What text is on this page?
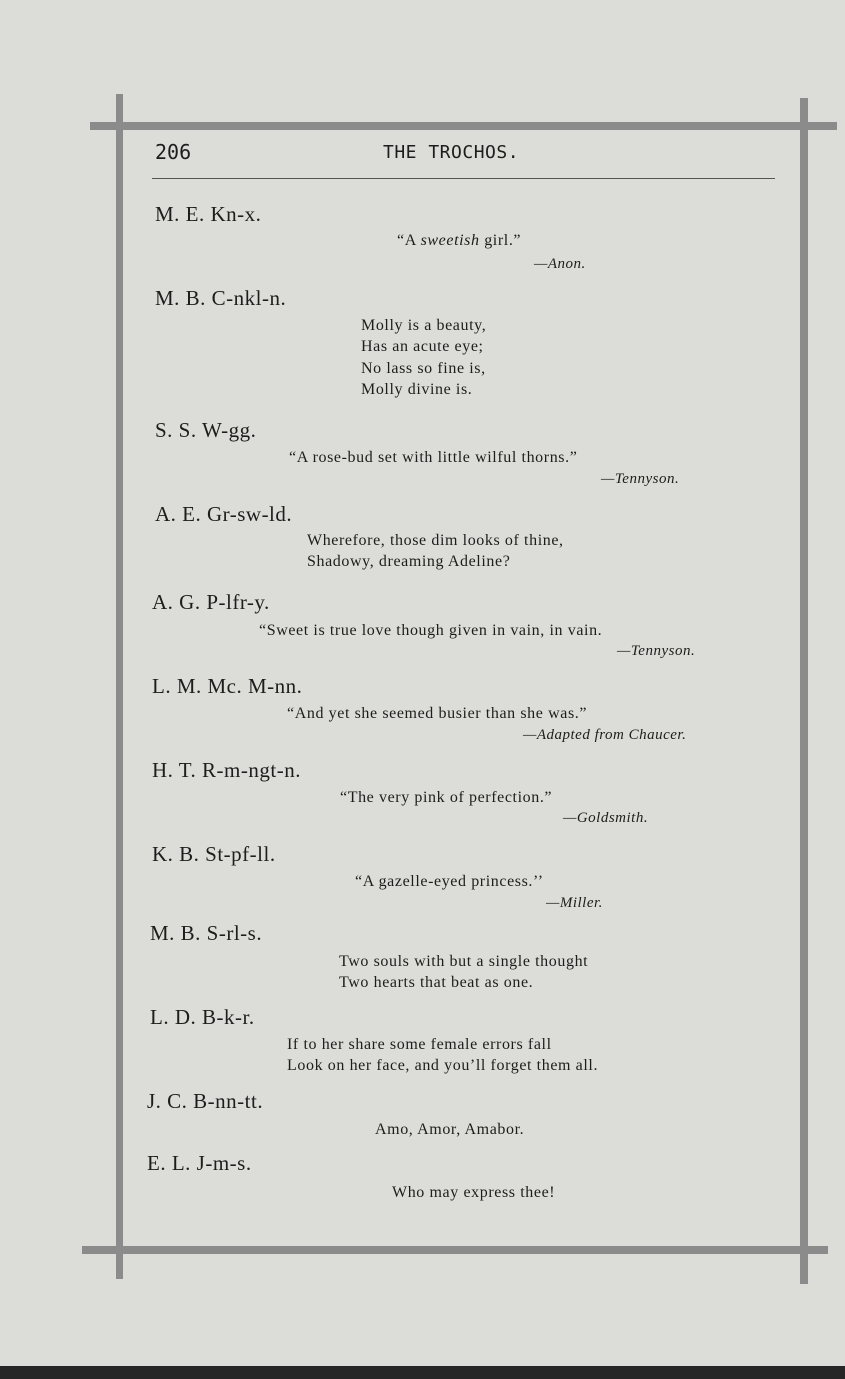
206	THE TROCHOS.
M. E. Kn-x.
“A sweetish girl.”
—Anon.
M. B. C-nkl-n.
Molly is a beauty,
Has an acute eye;
No lass so fine is,
Molly divine is.
S. S. W-gg.
“A rose-bud set with little wilful thorns.”
—Tennyson.
A. E. Gr-sw-ld.
Wherefore, those dim looks of thine,
Shadowy, dreaming Adeline?
A. G. P-lfr-y.
“Sweet is true love though given in vain, in vain.
—Tennyson.
L. M. Mc. M-nn.
“And yet she seemed busier than she was.”
—Adapted from Chaucer.
H. T. R-m-ngt-n.
“The very pink of perfection.”
—Goldsmith.
K. B. St-pf-ll.
“A gazelle-eyed princess.’’
—Miller.
M. B. S-rl-s.
Two souls with but a single thought
Two hearts that beat as one.
L. D. B-k-r.
If to her share some female errors fall
Look on her face, and you’ll forget them all.
J. C. B-nn-tt.
Amo, Amor, Amabor.
E. L. J-m-s.
Who may express thee!
